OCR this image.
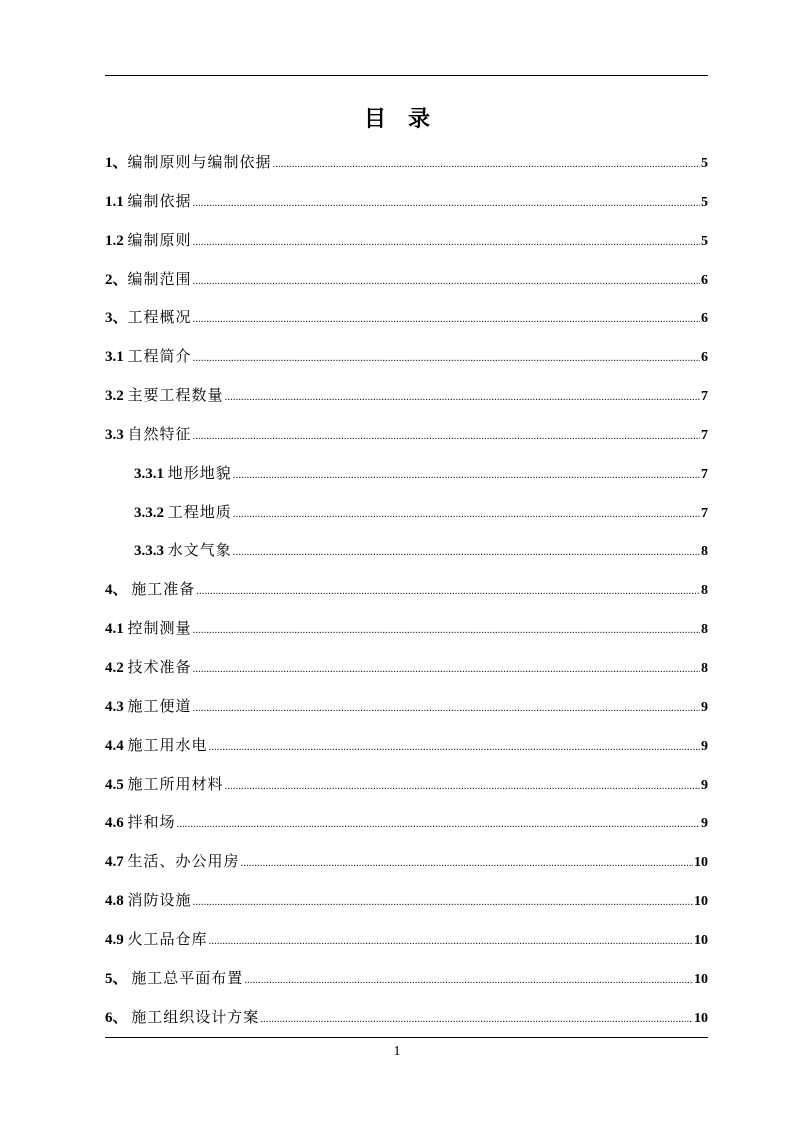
目录
1、编制原则与编制依据 .....	5
1.1 编制依据 .....	5
1.2 编制原则 .....	5
2、编制范围 .....	6
3、工程概况 .....	6
3.1 工程简介 .....	6
3.2 主要工程数量 .....	7
3.3 自然特征 .....	7
3.3.1 地形地貌 .....	7
3.3.2 工程地质 .....	7
3.3.3 水文气象 .....	8
4、 施工准备 .....	8
4.1 控制测量 .....	8
4.2 技术准备 .....	8
4.3 施工便道 .....	9
4.4 施工用水电 .....	9
4.5 施工所用材料 .....	9
4.6 拌和场 .....	9
4.7 生活、办公用房 .....	10
4.8 消防设施 .....	10
4.9 火工品仓库 .....	10
5、 施工总平面布置 .....	10
6、 施工组织设计方案 .....	10
1
